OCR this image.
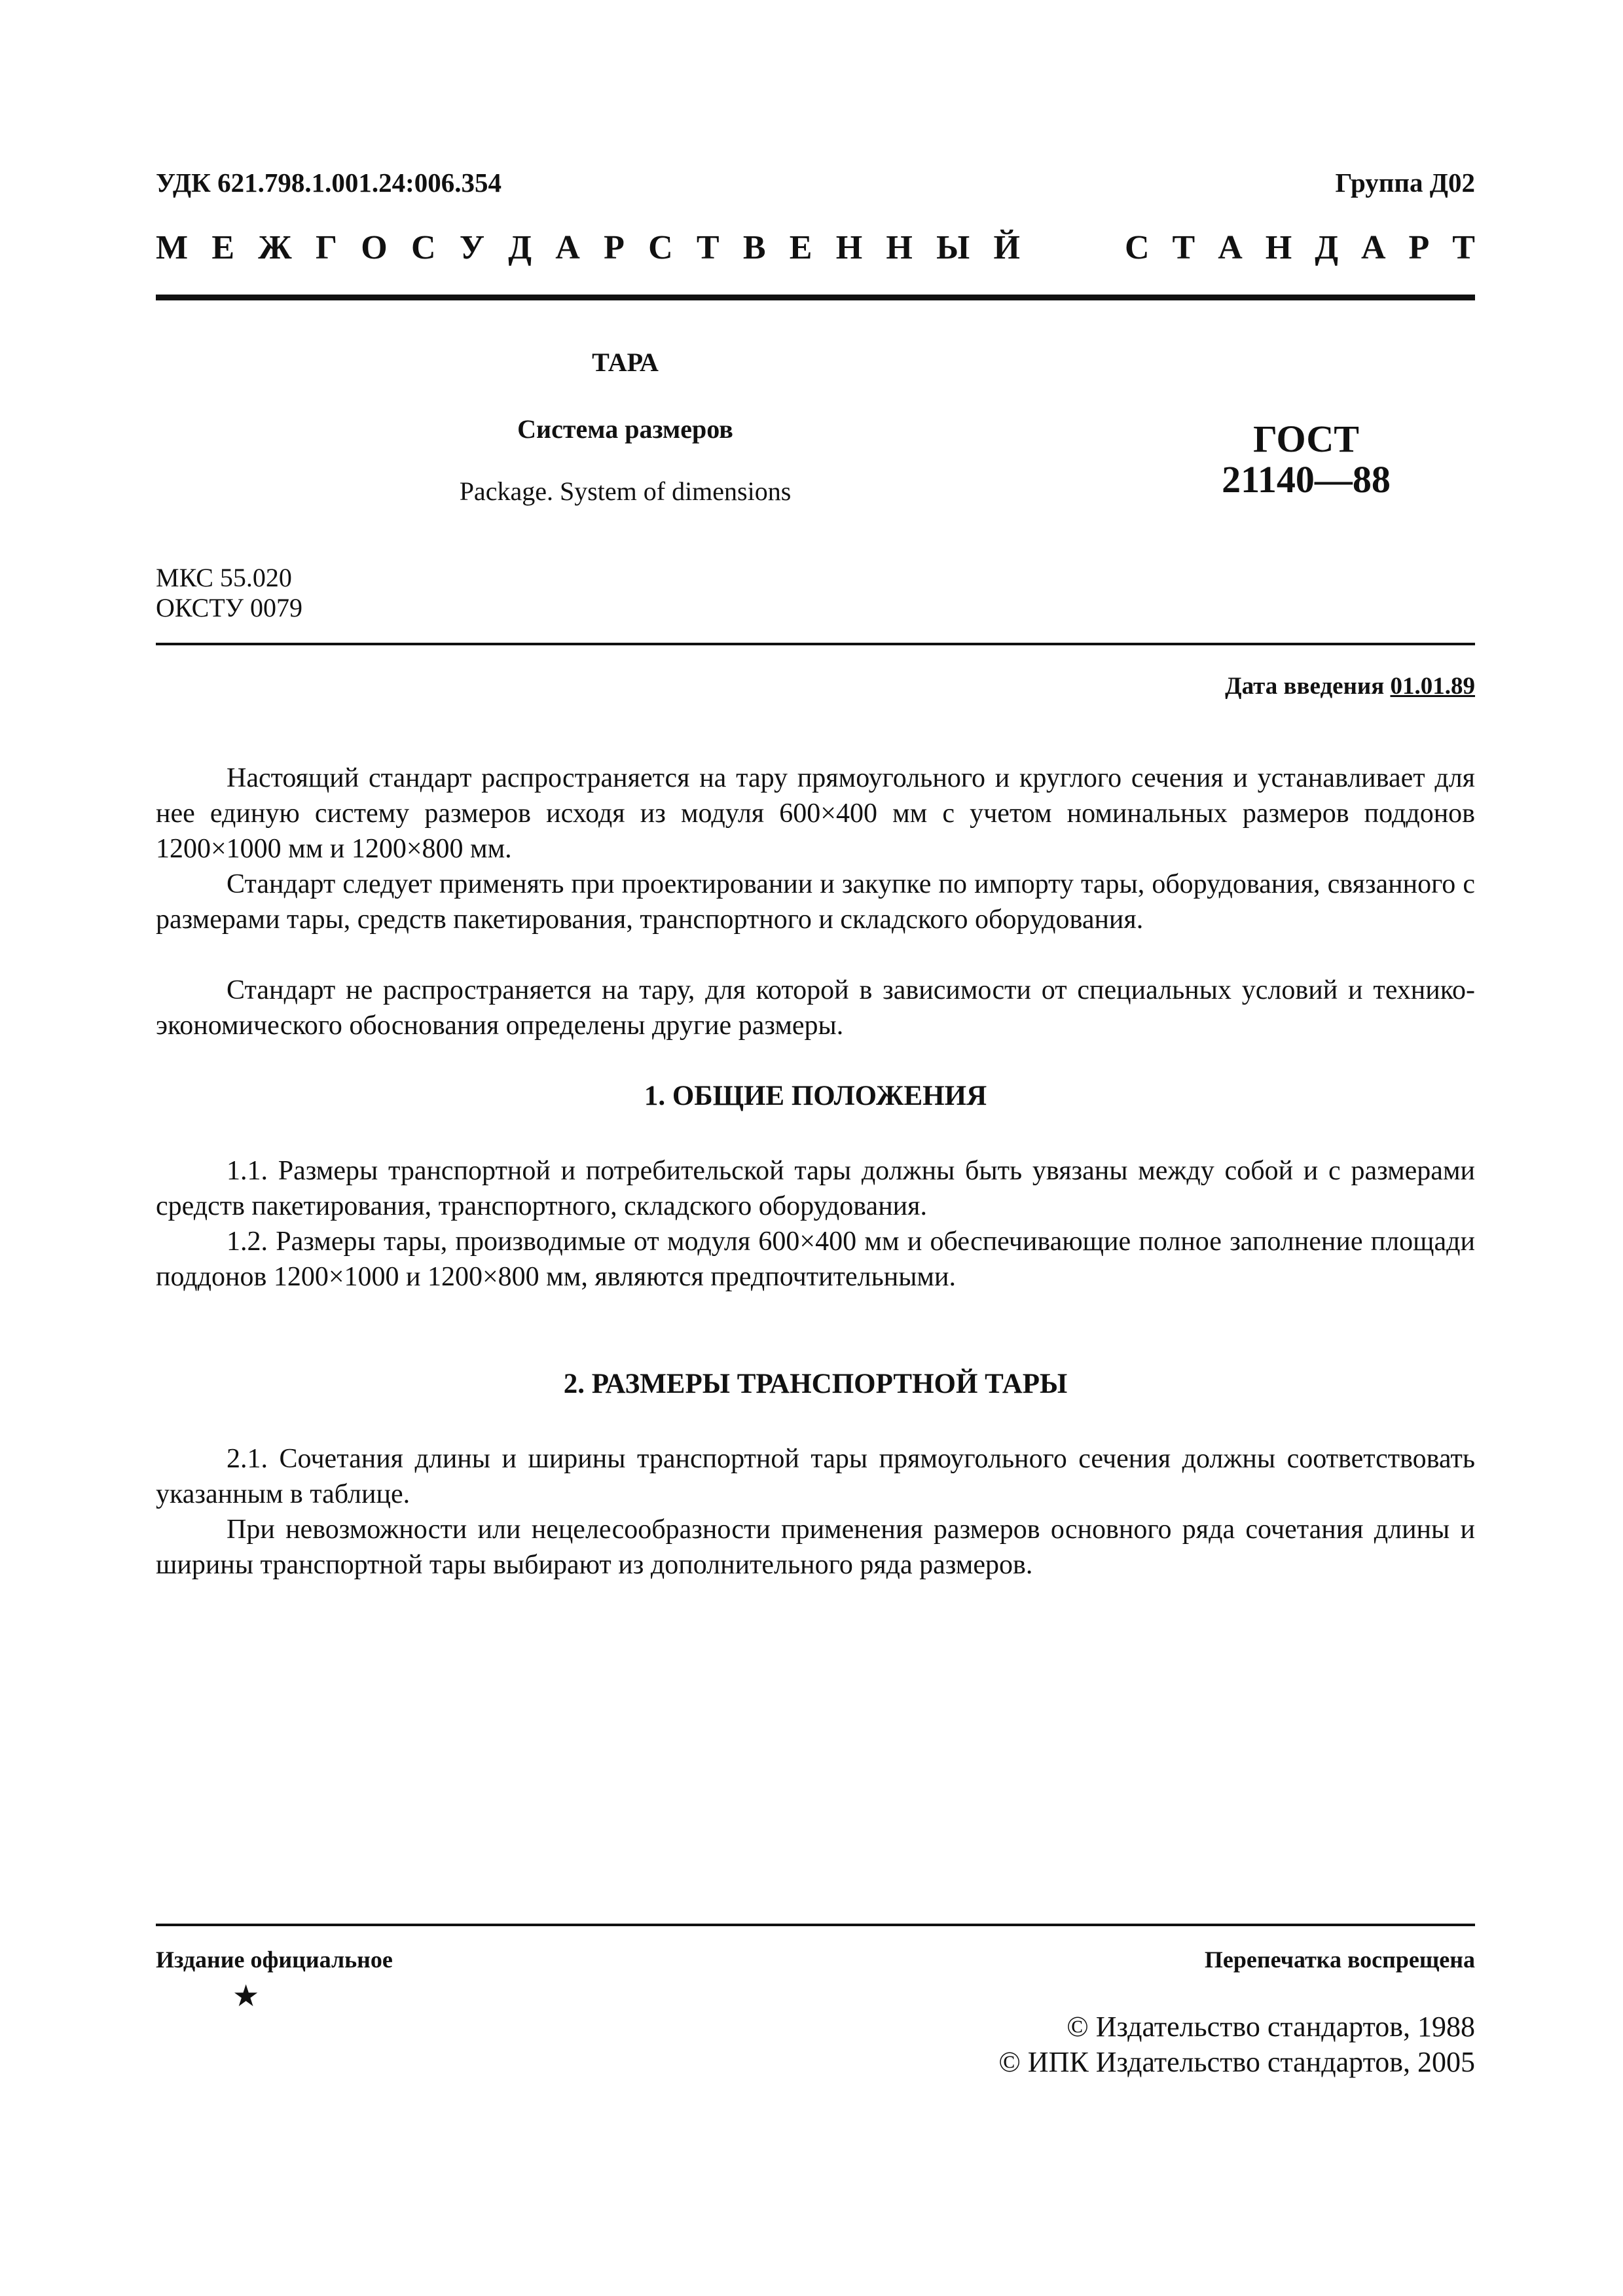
УДК 621.798.1.001.24:006.354	Группа Д02
М Е Ж Г О С У Д А Р С Т В Е Н Н Ы Й	С Т А Н Д А Р Т
ТАРА
Система размеров
Package. System of dimensions
ГОСТ
21140—88
МКС 55.020
ОКСТУ 0079
Дата введения 01.01.89

Настоящий стандарт распространяется на тару прямоугольного и круглого сечения и устанавливает для нее единую систему размеров исходя из модуля 600×400 мм с учетом номинальных размеров поддонов 1200×1000 мм и 1200×800 мм.

Стандарт следует применять при проектировании и закупке по импорту тары, оборудования, связанного с размерами тары, средств пакетирования, транспортного и складского оборудования.

Стандарт не распространяется на тару, для которой в зависимости от специальных условий и технико-экономического обоснования определены другие размеры.

1. ОБЩИЕ ПОЛОЖЕНИЯ

1.1. Размеры транспортной и потребительской тары должны быть увязаны между собой и с размерами средств пакетирования, транспортного, складского оборудования.

1.2. Размеры тары, производимые от модуля 600×400 мм и обеспечивающие полное заполнение площади поддонов 1200×1000 и 1200×800 мм, являются предпочтительными.

2. РАЗМЕРЫ ТРАНСПОРТНОЙ ТАРЫ

2.1. Сочетания длины и ширины транспортной тары прямоугольного сечения должны соответствовать указанным в таблице.

При невозможности или нецелесообразности применения размеров основного ряда сочетания длины и ширины транспортной тары выбирают из дополнительного ряда размеров.

Издание официальное	Перепечатка воспрещена
★
© Издательство стандартов, 1988
© ИПК Издательство стандартов, 2005
